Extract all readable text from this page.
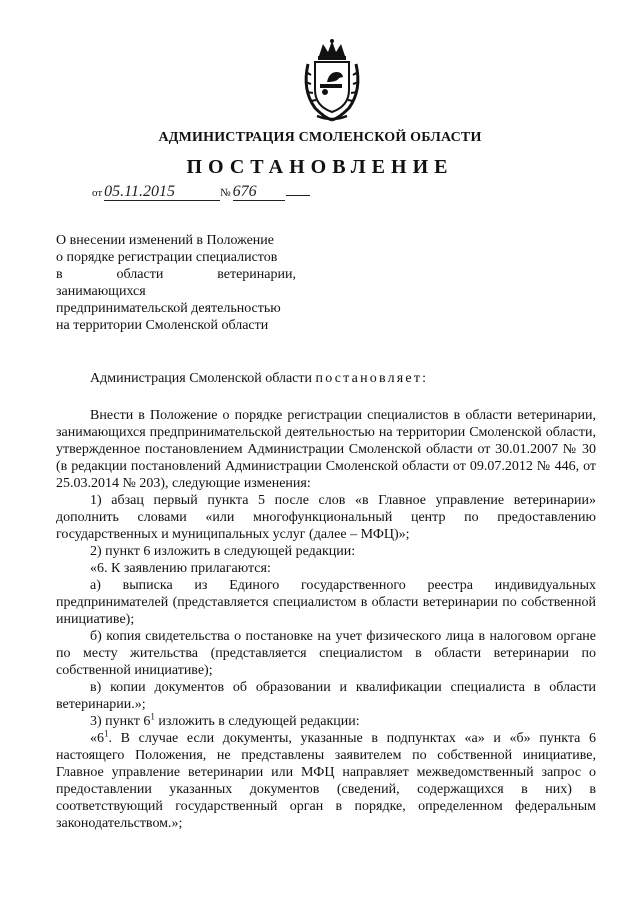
АДМИНИСТРАЦИЯ СМОЛЕНСКОЙ ОБЛАСТИ
ПОСТАНОВЛЕНИЕ
от 05.11.2015	№ 676
О внесении изменений в Положение
о порядке регистрации специалистов
в	области	ветеринарии,
занимающихся
предпринимательской деятельностью
на территории Смоленской области

Администрация Смоленской области постановляет:

Внести в Положение о порядке регистрации специалистов в области ветеринарии, занимающихся предпринимательской деятельностью на территории Смоленской области, утвержденное постановлением Администрации Смоленской области от 30.01.2007 № 30 (в редакции постановлений Администрации Смоленской области от 09.07.2012 № 446, от 25.03.2014 № 203), следующие изменения:

1) абзац первый пункта 5 после слов «в Главное управление ветеринарии» дополнить словами «или многофункциональный центр по предоставлению государственных и муниципальных услуг (далее – МФЦ)»;

2) пункт 6 изложить в следующей редакции:

«6. К заявлению прилагаются:

а) выписка из Единого государственного реестра индивидуальных предпринимателей (представляется специалистом в области ветеринарии по собственной инициативе);

б) копия свидетельства о постановке на учет физического лица в налоговом органе по месту жительства (представляется специалистом в области ветеринарии по собственной инициативе);

в) копии документов об образовании и квалификации специалиста в области ветеринарии.»;

3) пункт $6^1$ изложить в следующей редакции:

«$6^1$. В случае если документы, указанные в подпунктах «а» и «б» пункта 6 настоящего Положения, не представлены заявителем по собственной инициативе, Главное управление ветеринарии или МФЦ направляет межведомственный запрос о предоставлении указанных документов (сведений, содержащихся в них) в соответствующий государственный орган в порядке, определенном федеральным законодательством.»;
